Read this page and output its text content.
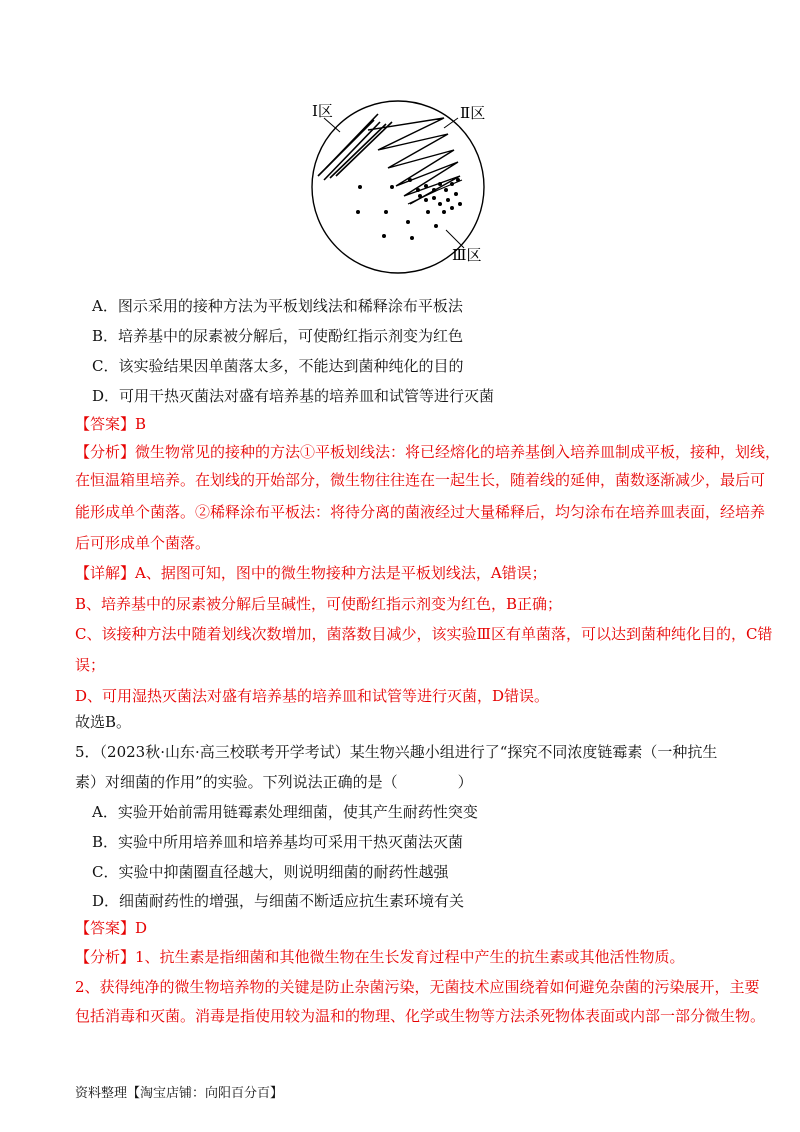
Ⅰ区	Ⅱ区
Ⅲ区
A．图示采用的接种方法为平板划线法和稀释涂布平板法
B．培养基中的尿素被分解后，可使酚红指示剂变为红色
C．该实验结果因单菌落太多，不能达到菌种纯化的目的
D．可用干热灭菌法对盛有培养基的培养皿和试管等进行灭菌
【答案】B
【分析】微生物常见的接种的方法①平板划线法：将已经熔化的培养基倒入培养皿制成平板，接种，划线，
在恒温箱里培养。在划线的开始部分，微生物往往连在一起生长，随着线的延伸，菌数逐渐减少，最后可
能形成单个菌落。②稀释涂布平板法：将待分离的菌液经过大量稀释后，均匀涂布在培养皿表面，经培养
后可形成单个菌落。
【详解】A、据图可知，图中的微生物接种方法是平板划线法，A错误；
B、培养基中的尿素被分解后呈碱性，可使酚红指示剂变为红色，B正确；
C、该接种方法中随着划线次数增加，菌落数目减少，该实验Ⅲ区有单菌落，可以达到菌种纯化目的，C错
误；
D、可用湿热灭菌法对盛有培养基的培养皿和试管等进行灭菌，D错误。
故选B。
5．（2023秋·山东·高三校联考开学考试）某生物兴趣小组进行了“探究不同浓度链霉素（一种抗生
素）对细菌的作用”的实验。下列说法正确的是（　　　　）
A．实验开始前需用链霉素处理细菌，使其产生耐药性突变
B．实验中所用培养皿和培养基均可采用干热灭菌法灭菌
C．实验中抑菌圈直径越大，则说明细菌的耐药性越强
D．细菌耐药性的增强，与细菌不断适应抗生素环境有关
【答案】D
【分析】1、抗生素是指细菌和其他微生物在生长发育过程中产生的抗生素或其他活性物质。
2、获得纯净的微生物培养物的关键是防止杂菌污染，无菌技术应围绕着如何避免杂菌的污染展开，主要
包括消毒和灭菌。消毒是指使用较为温和的物理、化学或生物等方法杀死物体表面或内部一部分微生物。
资料整理【淘宝店铺：向阳百分百】
